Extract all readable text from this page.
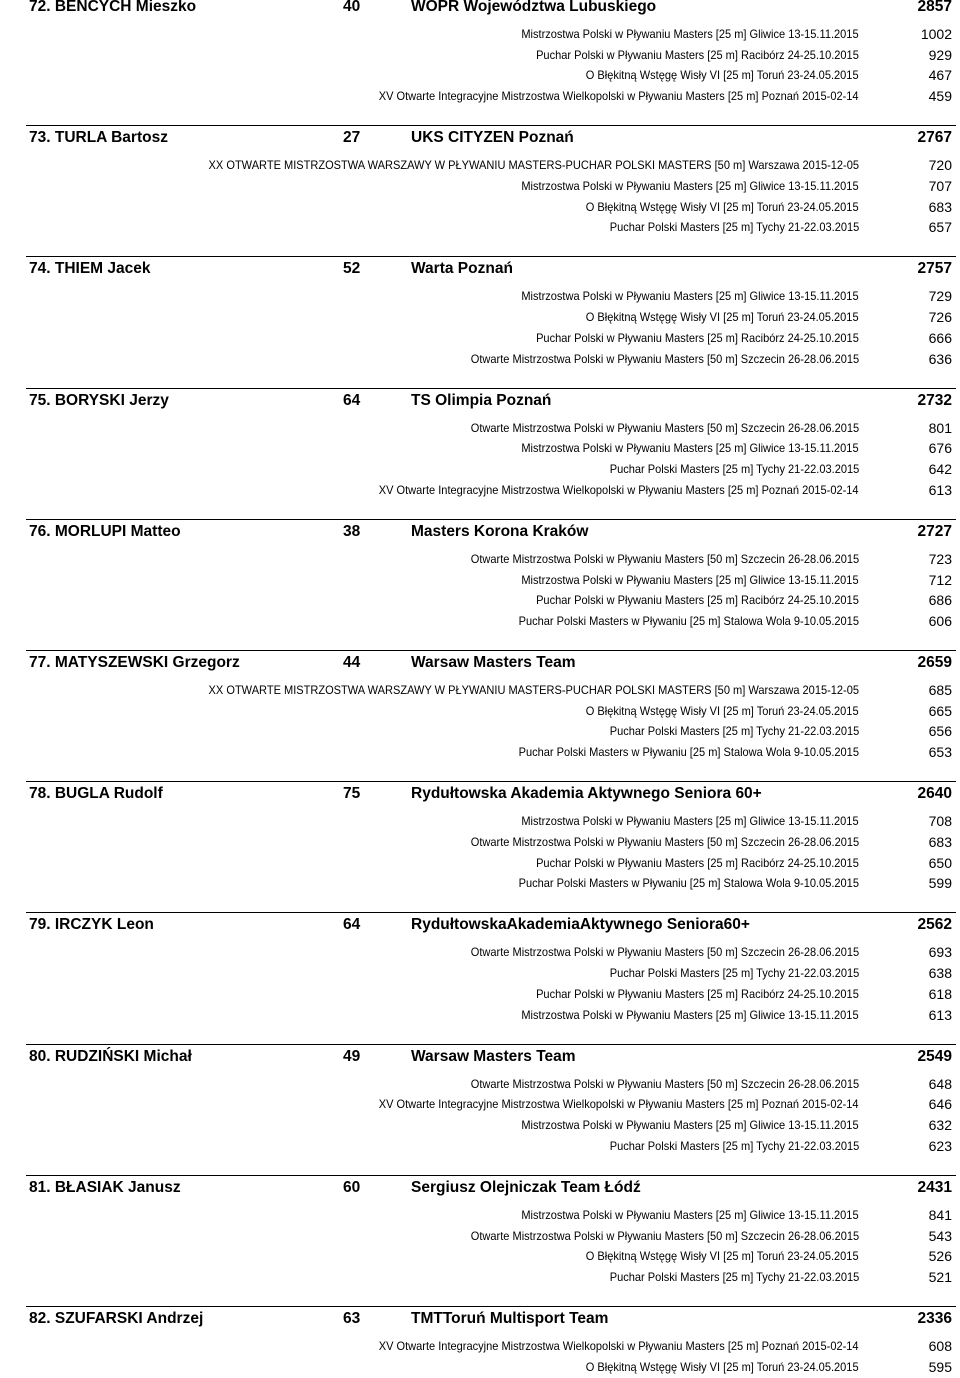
72. BENCYCH Mieszko	40	WOPR Województwa Lubuskiego	2857
Mistrzostwa Polski w Pływaniu Masters [25 m] Gliwice 13-15.11.2015	1002
Puchar Polski w Pływaniu Masters [25 m] Racibórz 24-25.10.2015	929
O Błękitną Wstęgę Wisły VI [25 m] Toruń 23-24.05.2015	467
XV Otwarte Integracyjne Mistrzostwa Wielkopolski w Pływaniu Masters [25 m] Poznań 2015-02-14	459
73. TURLA Bartosz	27	UKS CITYZEN Poznań	2767
XX OTWARTE MISTRZOSTWA WARSZAWY W PŁYWANIU MASTERS-PUCHAR POLSKI MASTERS [50 m] Warszawa 2015-12-05	720
Mistrzostwa Polski w Pływaniu Masters [25 m] Gliwice 13-15.11.2015	707
O Błękitną Wstęgę Wisły VI [25 m] Toruń 23-24.05.2015	683
Puchar Polski Masters [25 m] Tychy 21-22.03.2015	657
74. THIEM Jacek	52	Warta Poznań	2757
Mistrzostwa Polski w Pływaniu Masters [25 m] Gliwice 13-15.11.2015	729
O Błękitną Wstęgę Wisły VI [25 m] Toruń 23-24.05.2015	726
Puchar Polski w Pływaniu Masters [25 m] Racibórz 24-25.10.2015	666
Otwarte Mistrzostwa Polski w Pływaniu Masters [50 m] Szczecin 26-28.06.2015	636
75. BORYSKI Jerzy	64	TS Olimpia Poznań	2732
Otwarte Mistrzostwa Polski w Pływaniu Masters [50 m] Szczecin 26-28.06.2015	801
Mistrzostwa Polski w Pływaniu Masters [25 m] Gliwice 13-15.11.2015	676
Puchar Polski Masters [25 m] Tychy 21-22.03.2015	642
XV Otwarte Integracyjne Mistrzostwa Wielkopolski w Pływaniu Masters [25 m] Poznań 2015-02-14	613
76. MORLUPI Matteo	38	Masters Korona Kraków	2727
Otwarte Mistrzostwa Polski w Pływaniu Masters [50 m] Szczecin 26-28.06.2015	723
Mistrzostwa Polski w Pływaniu Masters [25 m] Gliwice 13-15.11.2015	712
Puchar Polski w Pływaniu Masters [25 m] Racibórz 24-25.10.2015	686
Puchar Polski Masters w Pływaniu [25 m] Stalowa Wola 9-10.05.2015	606
77. MATYSZEWSKI Grzegorz	44	Warsaw Masters Team	2659
XX OTWARTE MISTRZOSTWA WARSZAWY W PŁYWANIU MASTERS-PUCHAR POLSKI MASTERS [50 m] Warszawa 2015-12-05	685
O Błękitną Wstęgę Wisły VI [25 m] Toruń 23-24.05.2015	665
Puchar Polski Masters [25 m] Tychy 21-22.03.2015	656
Puchar Polski Masters w Pływaniu [25 m] Stalowa Wola 9-10.05.2015	653
78. BUGLA Rudolf	75	Rydułtowska Akademia Aktywnego Seniora 60+	2640
Mistrzostwa Polski w Pływaniu Masters [25 m] Gliwice 13-15.11.2015	708
Otwarte Mistrzostwa Polski w Pływaniu Masters [50 m] Szczecin 26-28.06.2015	683
Puchar Polski w Pływaniu Masters [25 m] Racibórz 24-25.10.2015	650
Puchar Polski Masters w Pływaniu [25 m] Stalowa Wola 9-10.05.2015	599
79. IRCZYK Leon	64	RydułtowskaAkademiaAktywnego Seniora60+	2562
Otwarte Mistrzostwa Polski w Pływaniu Masters [50 m] Szczecin 26-28.06.2015	693
Puchar Polski Masters [25 m] Tychy 21-22.03.2015	638
Puchar Polski w Pływaniu Masters [25 m] Racibórz 24-25.10.2015	618
Mistrzostwa Polski w Pływaniu Masters [25 m] Gliwice 13-15.11.2015	613
80. RUDZIŃSKI Michał	49	Warsaw Masters Team	2549
Otwarte Mistrzostwa Polski w Pływaniu Masters [50 m] Szczecin 26-28.06.2015	648
XV Otwarte Integracyjne Mistrzostwa Wielkopolski w Pływaniu Masters [25 m] Poznań 2015-02-14	646
Mistrzostwa Polski w Pływaniu Masters [25 m] Gliwice 13-15.11.2015	632
Puchar Polski Masters [25 m] Tychy 21-22.03.2015	623
81. BŁASIAK Janusz	60	Sergiusz Olejniczak Team Łódź	2431
Mistrzostwa Polski w Pływaniu Masters [25 m] Gliwice 13-15.11.2015	841
Otwarte Mistrzostwa Polski w Pływaniu Masters [50 m] Szczecin 26-28.06.2015	543
O Błękitną Wstęgę Wisły VI [25 m] Toruń 23-24.05.2015	526
Puchar Polski Masters [25 m] Tychy 21-22.03.2015	521
82. SZUFARSKI Andrzej	63	TMTToruń Multisport Team	2336
XV Otwarte Integracyjne Mistrzostwa Wielkopolski w Pływaniu Masters [25 m] Poznań 2015-02-14	608
O Błękitną Wstęgę Wisły VI [25 m] Toruń 23-24.05.2015	595
